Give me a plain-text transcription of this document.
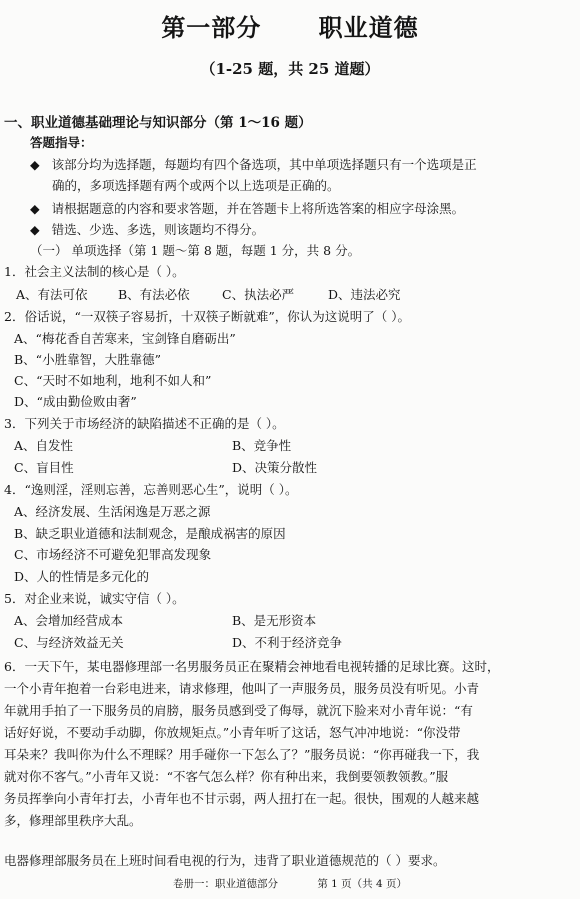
第一部分 职业道德
（1-25 题，共 25 道题）
一、职业道德基础理论与知识部分（第 1～16 题）
答题指导：
◆ 该部分均为选择题，每题均有四个备选项，其中单项选择题只有一个选项是正
确的，多项选择题有两个或两个以上选项是正确的。
◆ 请根据题意的内容和要求答题，并在答题卡上将所选答案的相应字母涂黑。
◆ 错选、少选、多选，则该题均不得分。
（一） 单项选择（第 1 题～第 8 题，每题 1 分，共 8 分。
1．社会主义法制的核心是（ ）。
A、有法可依 B、有法必依	C、执法必严	D、违法必究
2．俗话说，“一双筷子容易折，十双筷子断就难”，你认为这说明了（ ）。
A、“梅花香自苦寒来，宝剑锋自磨砺出”
B、“小胜靠智，大胜靠德”
C、“天时不如地利，地利不如人和”
D、“成由勤俭败由奢”
3．下列关于市场经济的缺陷描述不正确的是（ ）。
A、自发性	B、竞争性
C、盲目性	D、决策分散性
4．“逸则淫，淫则忘善，忘善则恶心生”，说明（ ）。
A、经济发展、生活闲逸是万恶之源
B、缺乏职业道德和法制观念，是酿成祸害的原因
C、市场经济不可避免犯罪高发现象
D、人的性情是多元化的
5．对企业来说，诚实守信（ ）。
A、会增加经营成本	B、是无形资本
C、与经济效益无关	D、不利于经济竞争
6．一天下午，某电器修理部一名男服务员正在聚精会神地看电视转播的足球比赛。这时，
一个小青年抱着一台彩电进来，请求修理，他叫了一声服务员，服务员没有听见。小青
年就用手拍了一下服务员的肩膀，服务员感到受了侮辱，就沉下脸来对小青年说：“有
话好好说，不要动手动脚，你放规矩点。”小青年听了这话，怒气冲冲地说：“你没带
耳朵来？我叫你为什么不理睬？用手碰你一下怎么了？”服务员说：“你再碰我一下，我
就对你不客气。”小青年又说：“不客气怎么样？你有种出来，我倒要领教领教。”服
务员挥拳向小青年打去，小青年也不甘示弱，两人扭打在一起。很快，围观的人越来越
多，修理部里秩序大乱。
电器修理部服务员在上班时间看电视的行为，违背了职业道德规范的（ ）要求。
卷册一：职业道德部分	第 1 页（共 4 页）
